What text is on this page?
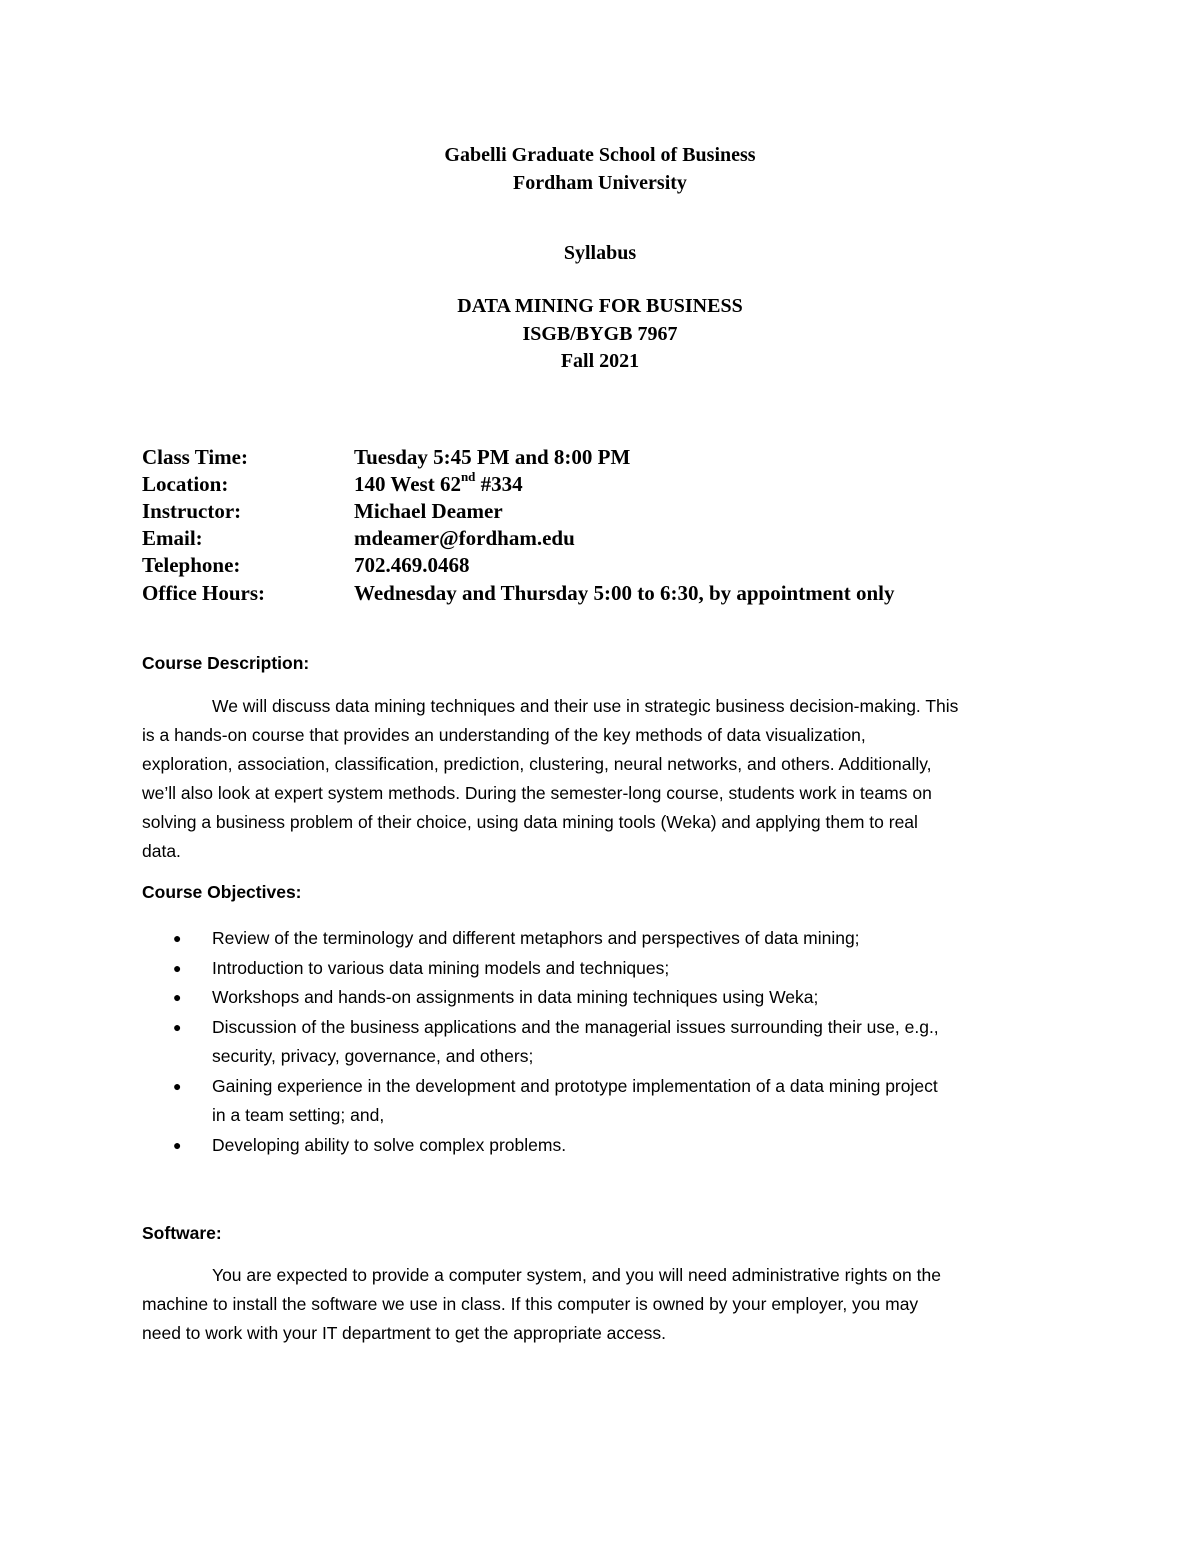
Gabelli Graduate School of Business
Fordham University
Syllabus
DATA MINING FOR BUSINESS
ISGB/BYGB 7967
Fall 2021
Class Time:	Tuesday 5:45 PM and 8:00 PM
Location:	140 West 62nd #334
Instructor:	Michael Deamer
Email:	mdeamer@fordham.edu
Telephone:	702.469.0468
Office Hours:	Wednesday and Thursday 5:00 to 6:30, by appointment only
Course Description:
We will discuss data mining techniques and their use in strategic business decision-making. This
is a hands-on course that provides an understanding of the key methods of data visualization,
exploration, association, classification, prediction, clustering, neural networks, and others. Additionally,
we’ll also look at expert system methods. During the semester-long course, students work in teams on
solving a business problem of their choice, using data mining tools (Weka) and applying them to real
data.
Course Objectives:
● Review of the terminology and different metaphors and perspectives of data mining;
● Introduction to various data mining models and techniques;
● Workshops and hands-on assignments in data mining techniques using Weka;
● Discussion of the business applications and the managerial issues surrounding their use, e.g.,
security, privacy, governance, and others;
● Gaining experience in the development and prototype implementation of a data mining project
in a team setting; and,
● Developing ability to solve complex problems.
Software:
You are expected to provide a computer system, and you will need administrative rights on the
machine to install the software we use in class. If this computer is owned by your employer, you may
need to work with your IT department to get the appropriate access.
